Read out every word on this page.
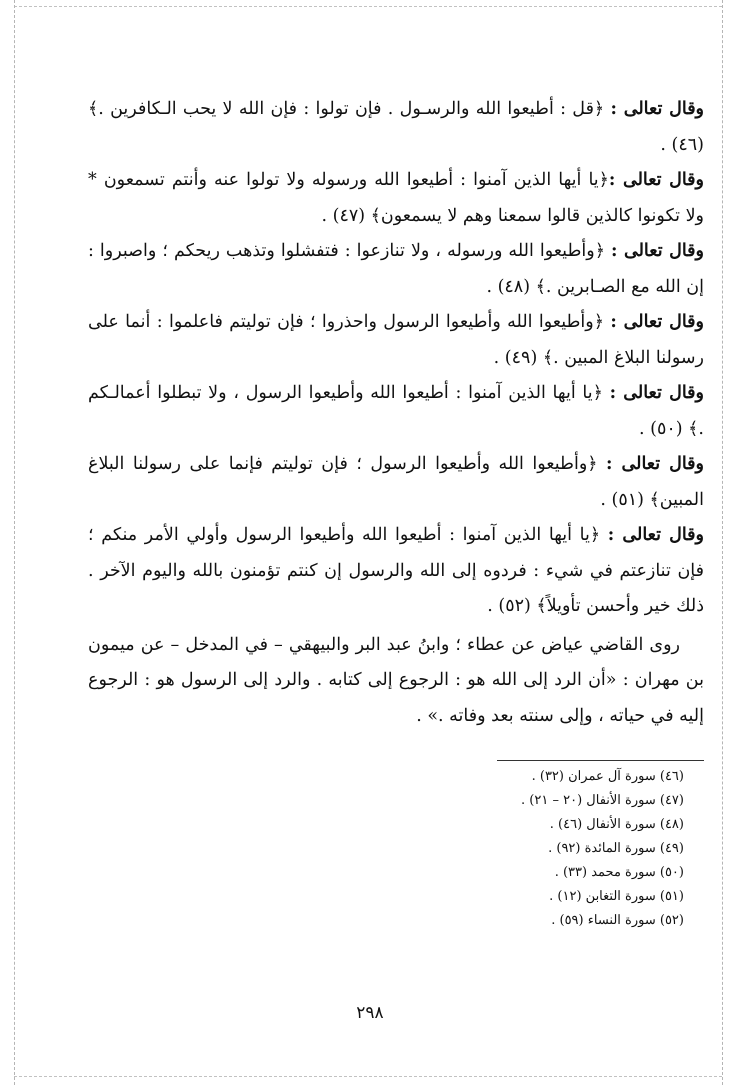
وقال تعالى : ﴿قل : أطيعوا الله والرسـول . فإن تولوا : فإن الله لا يحب الـكافرين .﴾ (٤٦) .

وقال تعالى :﴿يا أيها الذين آمنوا : أطيعوا الله ورسوله ولا تولوا عنه وأنتم تسمعون * ولا تكونوا كالذين قالوا سمعنا وهم لا يسمعون﴾ (٤٧) .

وقال تعالى : ﴿وأطيعوا الله ورسوله ، ولا تنازعوا : فتفشلوا وتذهب ريحكم ؛ واصبروا : إن الله مع الصـابرين .﴾ (٤٨) .

وقال تعالى : ﴿وأطيعوا الله وأطيعوا الرسول واحذروا ؛ فإن توليتم فاعلموا : أنما على رسولنا البلاغ المبين .﴾ (٤٩) .

وقال تعالى : ﴿يا أيها الذين آمنوا : أطيعوا الله وأطيعوا الرسول ، ولا تبطلوا أعمالـكم .﴾ (٥٠) .

وقال تعالى : ﴿وأطيعوا الله وأطيعوا الرسول ؛ فإن توليتم فإنما على رسولنا البلاغ المبين﴾ (٥١) .

وقال تعالى : ﴿يا أيها الذين آمنوا : أطيعوا الله وأطيعوا الرسول وأولي الأمر منكم ؛ فإن تنازعتم في شيء : فردوه إلى الله والرسول إن كنتم تؤمنون بالله واليوم الآخر . ذلك خير وأحسن تأويلاً﴾ (٥٢) .

روى القاضي عياض عن عطاء ؛ وابنُ عبد البر والبيهقي – في المدخل – عن ميمون بن مهران : «أن الرد إلى الله هو : الرجوع إلى كتابه . والرد إلى الرسول هو : الرجوع إليه في حياته ، وإلى سنته بعد وفاته .» .

(٤٦) سورة آل عمران (٣٢) .
(٤٧) سورة الأنفال (٢٠ – ٢١) .
(٤٨) سورة الأنفال (٤٦) .
(٤٩) سورة المائدة (٩٢) .
(٥٠) سورة محمد (٣٣) .
(٥١) سورة التغابن (١٢) .
(٥٢) سورة النساء (٥٩) .
٢٩٨
